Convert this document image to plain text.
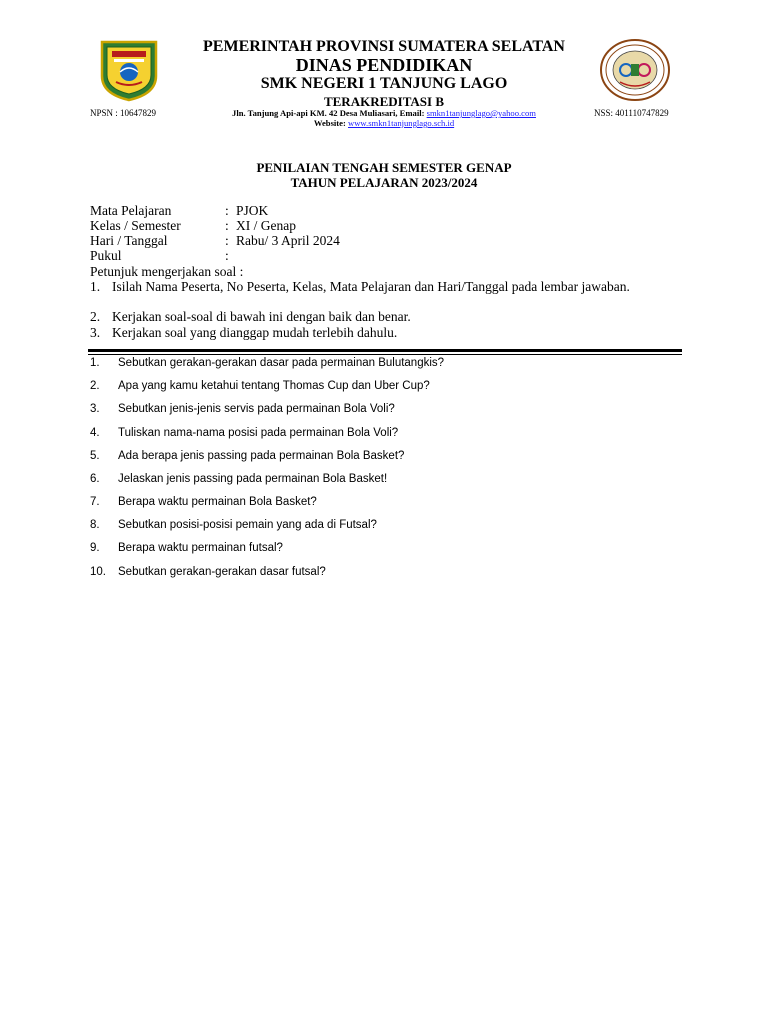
PEMERINTAH PROVINSI SUMATERA SELATAN
DINAS PENDIDIKAN
SMK NEGERI 1 TANJUNG LAGO
TERAKREDITASI B
NPSN : 10647829	Jln. Tanjung Api-api KM. 42 Desa Muliasari, Email: smkn1tanjunglago@yahoo.com	NSS: 401110747829
Website: www.smkn1tanjunglago.sch.id
PENILAIAN TENGAH SEMESTER GENAP
TAHUN PELAJARAN 2023/2024
Mata Pelajaran	: PJOK
Kelas / Semester	: XI / Genap
Hari / Tanggal	: Rabu/ 3 April 2024
Pukul	:
Petunjuk mengerjakan soal :
1. Isilah Nama Peserta, No Peserta, Kelas, Mata Pelajaran dan Hari/Tanggal pada lembar jawaban.
2. Kerjakan soal-soal di bawah ini dengan baik dan benar.
3. Kerjakan soal yang dianggap mudah terlebih dahulu.
1. Sebutkan gerakan-gerakan dasar pada permainan Bulutangkis?
2. Apa yang kamu ketahui tentang Thomas Cup dan Uber Cup?
3. Sebutkan jenis-jenis servis pada permainan Bola Voli?
4. Tuliskan nama-nama posisi pada permainan Bola Voli?
5. Ada berapa jenis passing pada permainan Bola Basket?
6. Jelaskan jenis passing pada permainan Bola Basket!
7. Berapa waktu permainan Bola Basket?
8. Sebutkan posisi-posisi pemain yang ada di Futsal?
9. Berapa waktu permainan futsal?
10. Sebutkan gerakan-gerakan dasar futsal?
